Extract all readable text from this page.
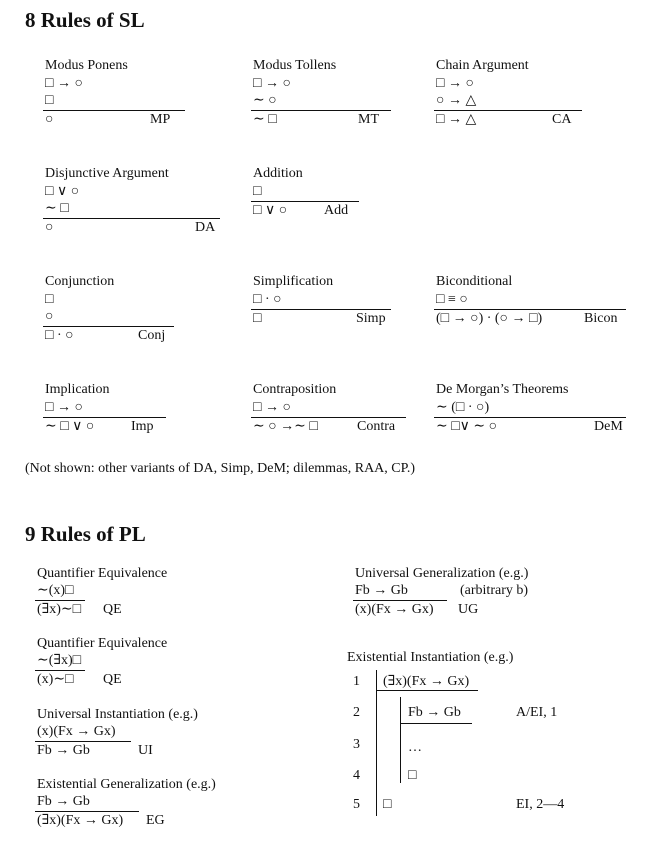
8 Rules of SL
Modus Ponens
□ → ○
□
○	MP
Modus Tollens
□ → ○
∼ ○
∼ □	MT
Chain Argument
□ → ○
○ → △
□ → △	CA
Disjunctive Argument
□ ∨ ○
∼ □
○	DA
Addition
□
□ ∨ ○	Add
Conjunction
□
○
□ · ○	Conj
Simplification
□ · ○
□	Simp
Biconditional
□ ≡ ○
(□ → ○) · (○ → □)	Bicon
Implication
□ → ○
∼ □ ∨ ○	Imp
Contraposition
□ → ○
∼ ○ →∼ □	Contra
De Morgan’s Theorems
∼ (□ · ○)
∼ □∨ ∼ ○	DeM
(Not shown: other variants of DA, Simp, DeM; dilemmas, RAA, CP.)
9 Rules of PL
Quantifier Equivalence
∼(x)□
(∃x)∼□ QE
Quantifier Equivalence
∼(∃x)□
(x)∼□ QE
Universal Instantiation (e.g.)
(x)(Fx → Gx)
Fb → Gb	UI
Existential Generalization (e.g.)
Fb → Gb
(∃x)(Fx → Gx) EG
Universal Generalization (e.g.)
Fb → Gb	(arbitrary b)
(x)(Fx → Gx) UG
Existential Instantiation (e.g.)
1 (∃x)(Fx → Gx)
2	Fb → Gb	A/EI, 1
3	…
4	□
5 □	EI, 2—4
